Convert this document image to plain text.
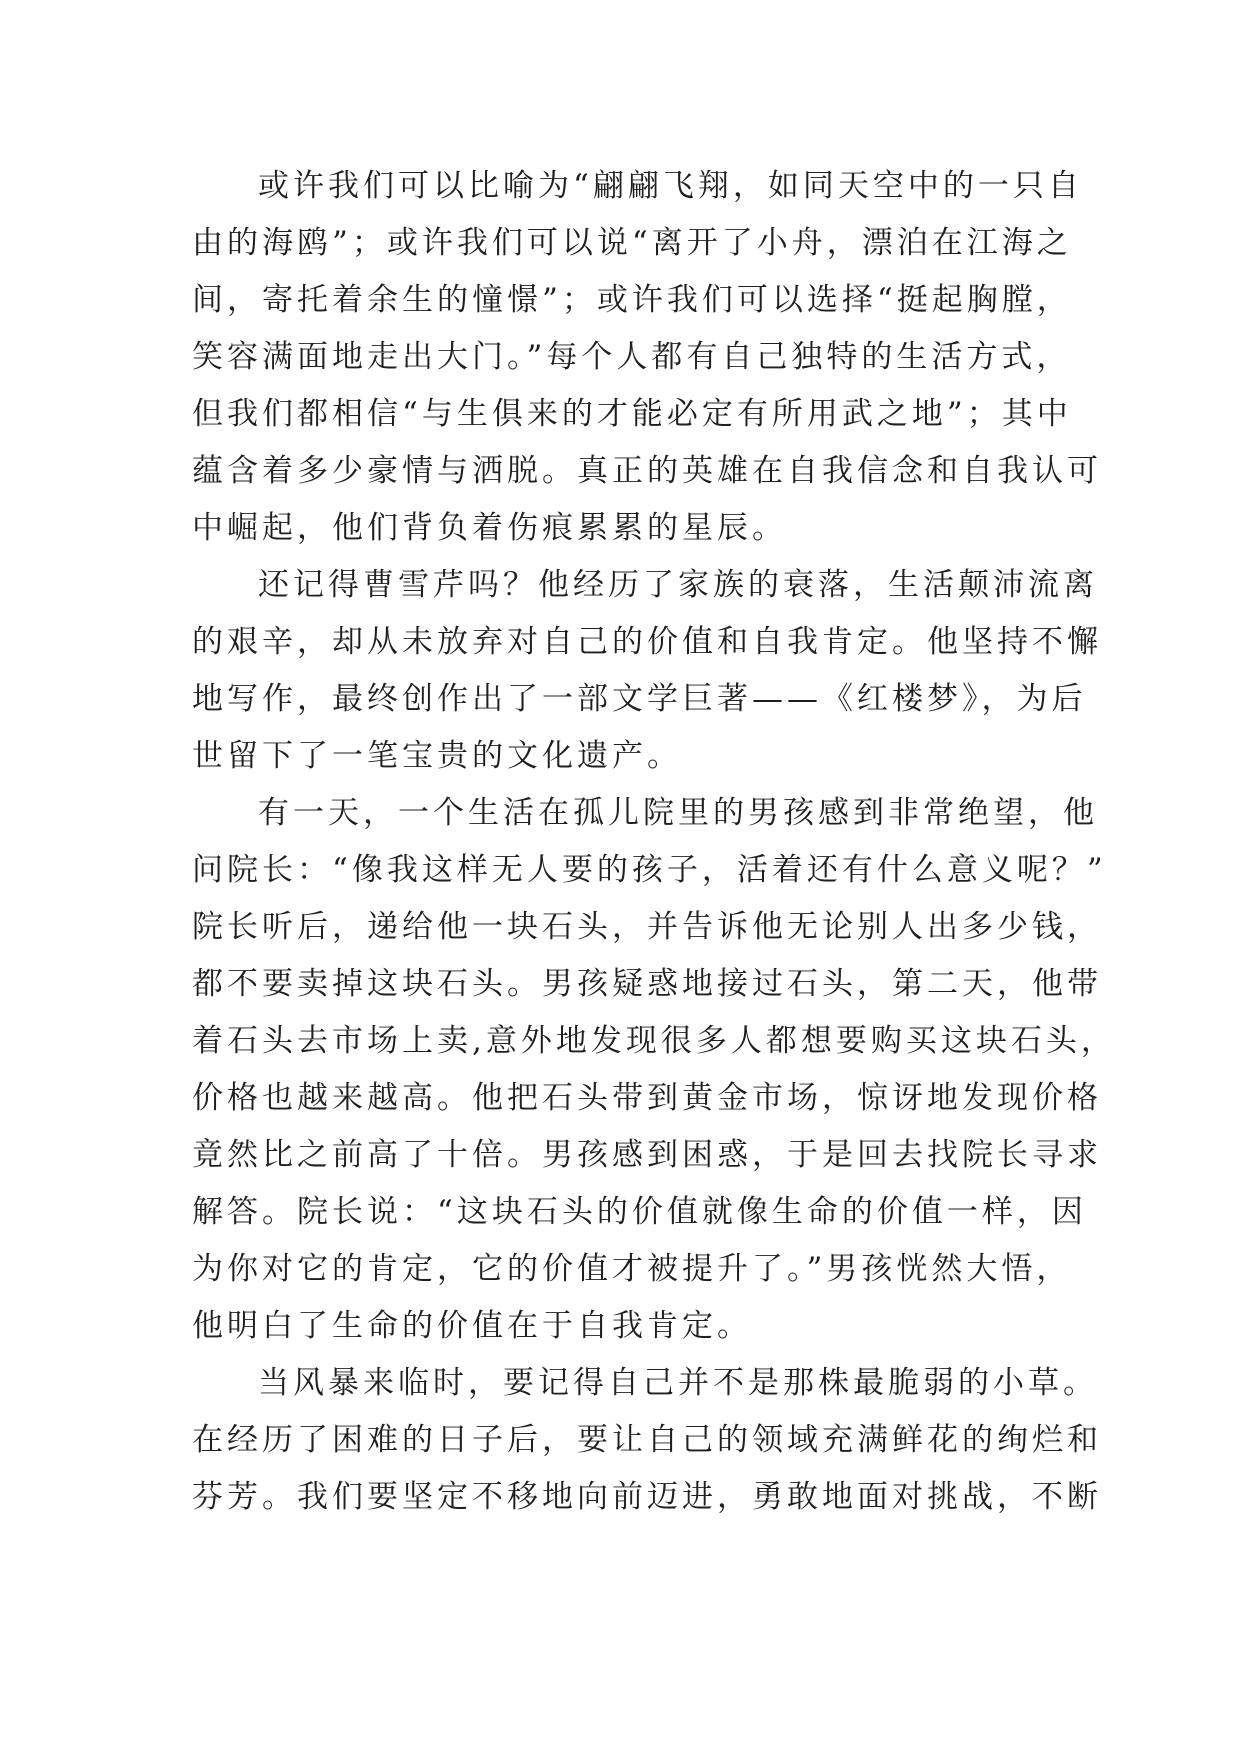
或许我们可以比喻为“翩翩飞翔，如同天空中的一只自
由的海鸥”；或许我们可以说“离开了小舟，漂泊在江海之
间，寄托着余生的憧憬”；或许我们可以选择“挺起胸膛，
笑容满面地走出大门。”每个人都有自己独特的生活方式，
但我们都相信“与生俱来的才能必定有所用武之地”；其中
蕴含着多少豪情与洒脱。真正的英雄在自我信念和自我认可
中崛起，他们背负着伤痕累累的星辰。

还记得曹雪芹吗？他经历了家族的衰落，生活颠沛流离
的艰辛，却从未放弃对自己的价值和自我肯定。他坚持不懈
地写作，最终创作出了一部文学巨著——《红楼梦》，为后
世留下了一笔宝贵的文化遗产。

有一天，一个生活在孤儿院里的男孩感到非常绝望，他
问院长：“像我这样无人要的孩子，活着还有什么意义呢？”
院长听后，递给他一块石头，并告诉他无论别人出多少钱，
都不要卖掉这块石头。男孩疑惑地接过石头，第二天，他带
着石头去市场上卖,意外地发现很多人都想要购买这块石头，
价格也越来越高。他把石头带到黄金市场，惊讶地发现价格
竟然比之前高了十倍。男孩感到困惑，于是回去找院长寻求
解答。院长说：“这块石头的价值就像生命的价值一样，因
为你对它的肯定，它的价值才被提升了。”男孩恍然大悟，
他明白了生命的价值在于自我肯定。

当风暴来临时，要记得自己并不是那株最脆弱的小草。
在经历了困难的日子后，要让自己的领域充满鲜花的绚烂和
芬芳。我们要坚定不移地向前迈进，勇敢地面对挑战，不断
